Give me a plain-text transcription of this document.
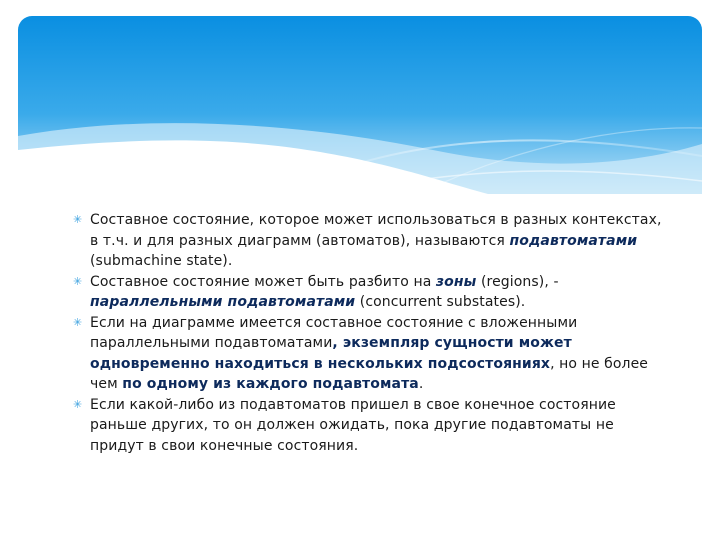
✳ Составное состояние, которое может использоваться в разных контекстах, в т.ч. и для разных диаграмм (автоматов), называются подавтоматами (submachine state).
✳ Составное состояние может быть разбито на зоны (regions), - параллельными подавтоматами (concurrent substates).
✳ Если на диаграмме имеется составное состояние с вложенными параллельными подавтоматами, экземпляр сущности может одновременно находиться в нескольких подсостояниях, но не более чем по одному из каждого подавтомата.
✳ Если какой-либо из подавтоматов пришел в свое конечное состояние раньше других, то он должен ожидать, пока другие подавтоматы не придут в свои конечные состояния.
